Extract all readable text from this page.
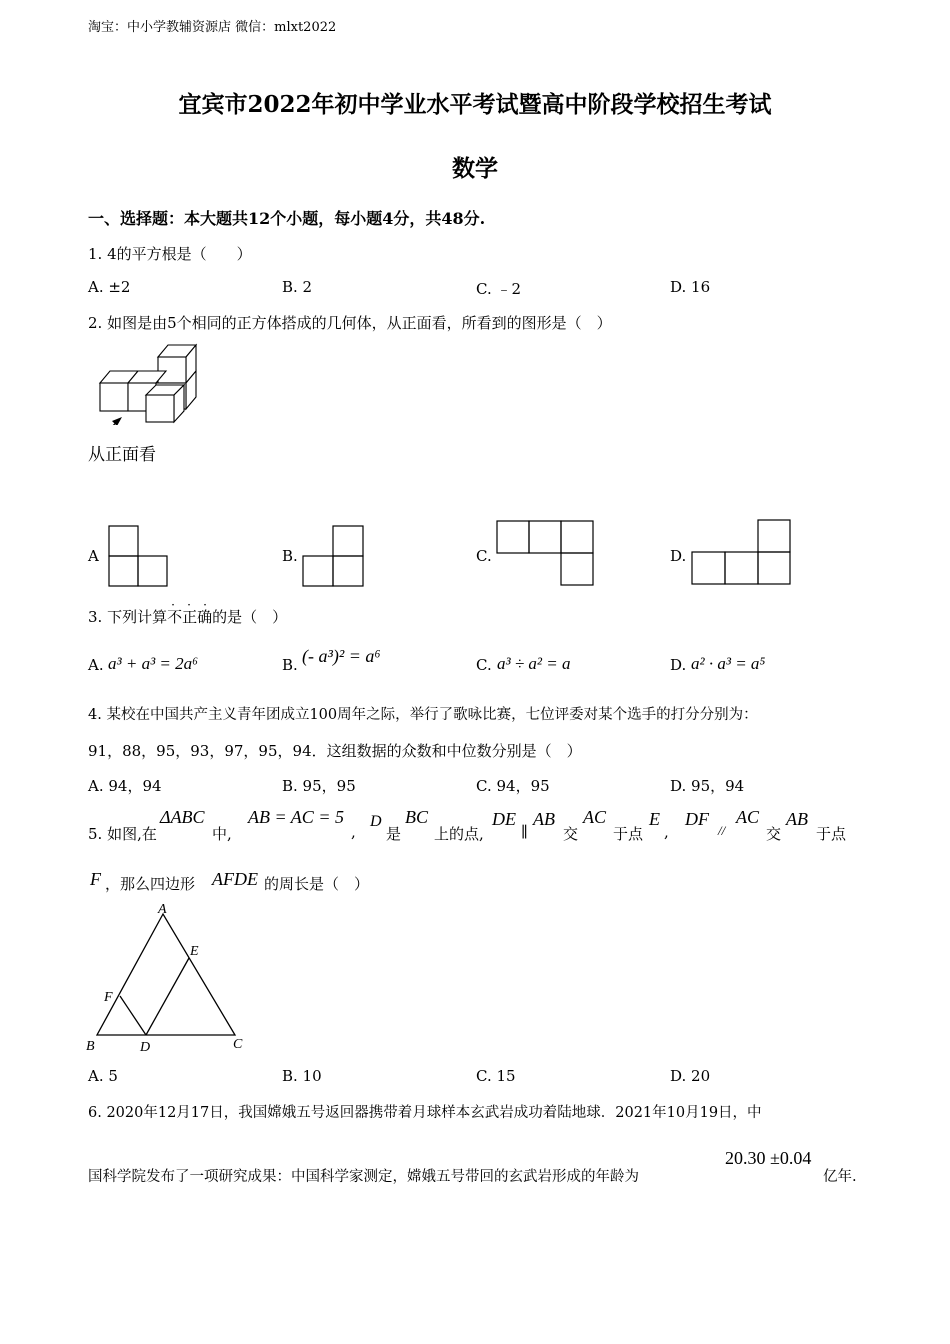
淘宝：中小学教辅资源店 微信：mlxt2022
宜宾市2022年初中学业水平考试暨高中阶段学校招生考试
数学
一、选择题：本大题共12个小题，每小题4分，共48分.
1. 4的平方根是（　　）
A. ±2	B. 2	C. ﹣2	D. 16
2. 如图是由5个相同的正方体搭成的几何体，从正面看，所看到的图形是（　）
从正面看
A	B.	C.	D.
3. 下列计算不正确
· · ·
的是（　）
A. a³ + a³ = 2a⁶	B. (- a³)² = a⁶	C. a³ ÷ a² = a	D. a² · a³ = a⁵
4. 某校在中国共产主义青年团成立100周年之际，举行了歌咏比赛，七位评委对某个选手的打分分别为：
91，88，95，93，97，95，94．这组数据的众数和中位数分别是（　）
A. 94，94	B. 95，95	C. 94，95	D. 95，94
5. 如图,在
ΔABC
中,
AB = AC = 5
,
D
是
BC
上的点,
DE
∥
AB
交
AC
于点
E
,
DF
//
AC
交
AB
于点
F ，那么四边形 AFDE 的周长是（　）
A
E
F
B	D	C
A. 5	B. 10	C. 15	D. 20
6. 2020年12月17日，我国嫦娥五号返回器携带着月球样本玄武岩成功着陆地球．2021年10月19日，中
国科学院发布了一项研究成果：中国科学家测定，嫦娥五号带回的玄武岩形成的年龄为
20.30 ±0.04
亿年.
